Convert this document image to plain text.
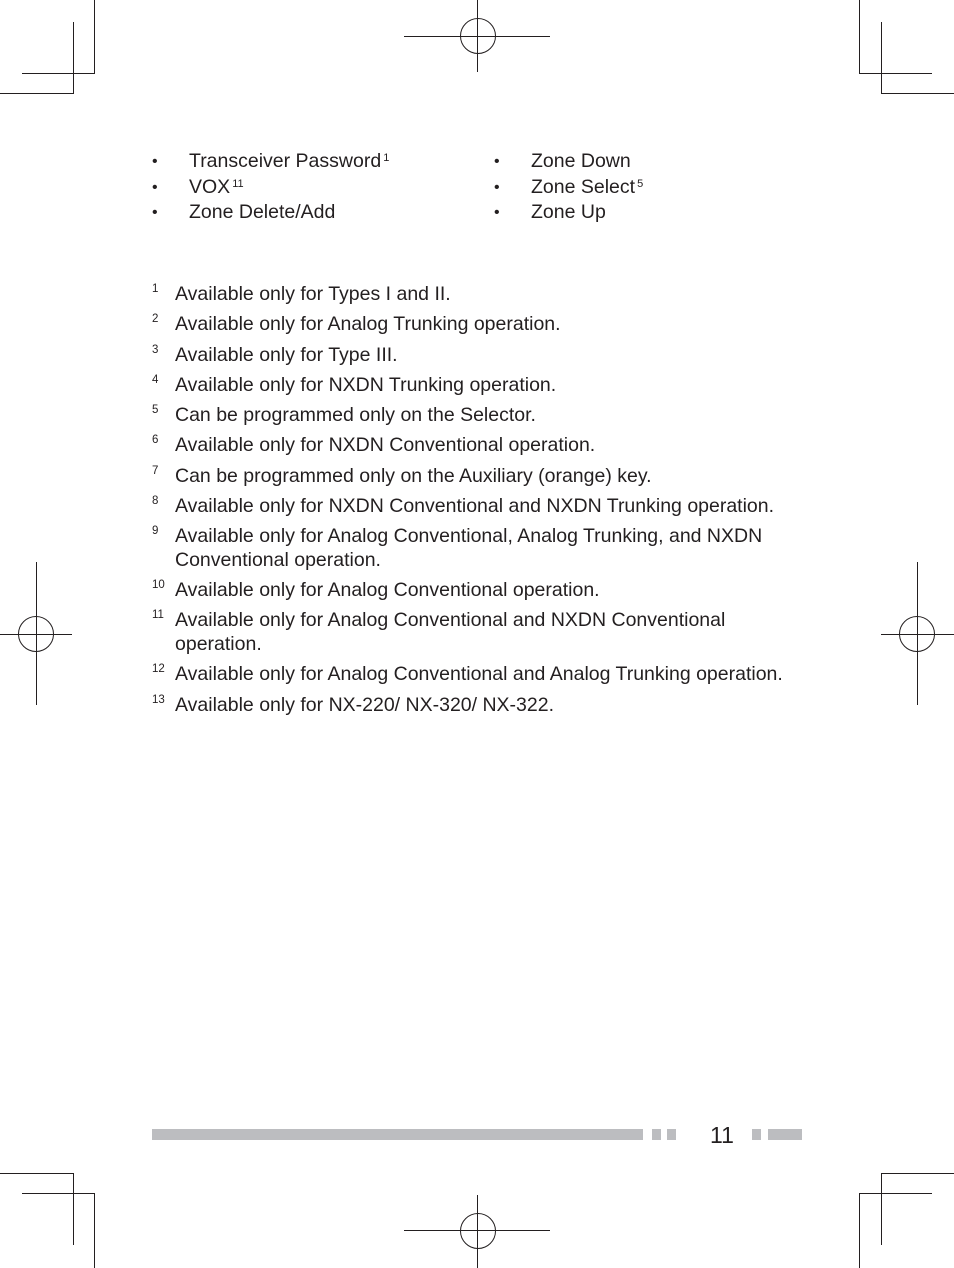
• Transceiver Password $^1$
• VOX $^{11}$
• Zone Delete/Add
• Zone Down
• Zone Select $^5$
• Zone Up
1 Available only for Types I and II.
2 Available only for Analog Trunking operation.
3 Available only for Type III.
4 Available only for NXDN Trunking operation.
5 Can be programmed only on the Selector.
6 Available only for NXDN Conventional operation.
7 Can be programmed only on the Auxiliary (orange) key.
8 Available only for NXDN Conventional and NXDN Trunking operation.
9 Available only for Analog Conventional, Analog Trunking, and NXDN Conventional operation.
10 Available only for Analog Conventional operation.
11 Available only for Analog Conventional and NXDN Conventional operation.
12 Available only for Analog Conventional and Analog Trunking operation.
13 Available only for NX-220/ NX-320/ NX-322.
11
